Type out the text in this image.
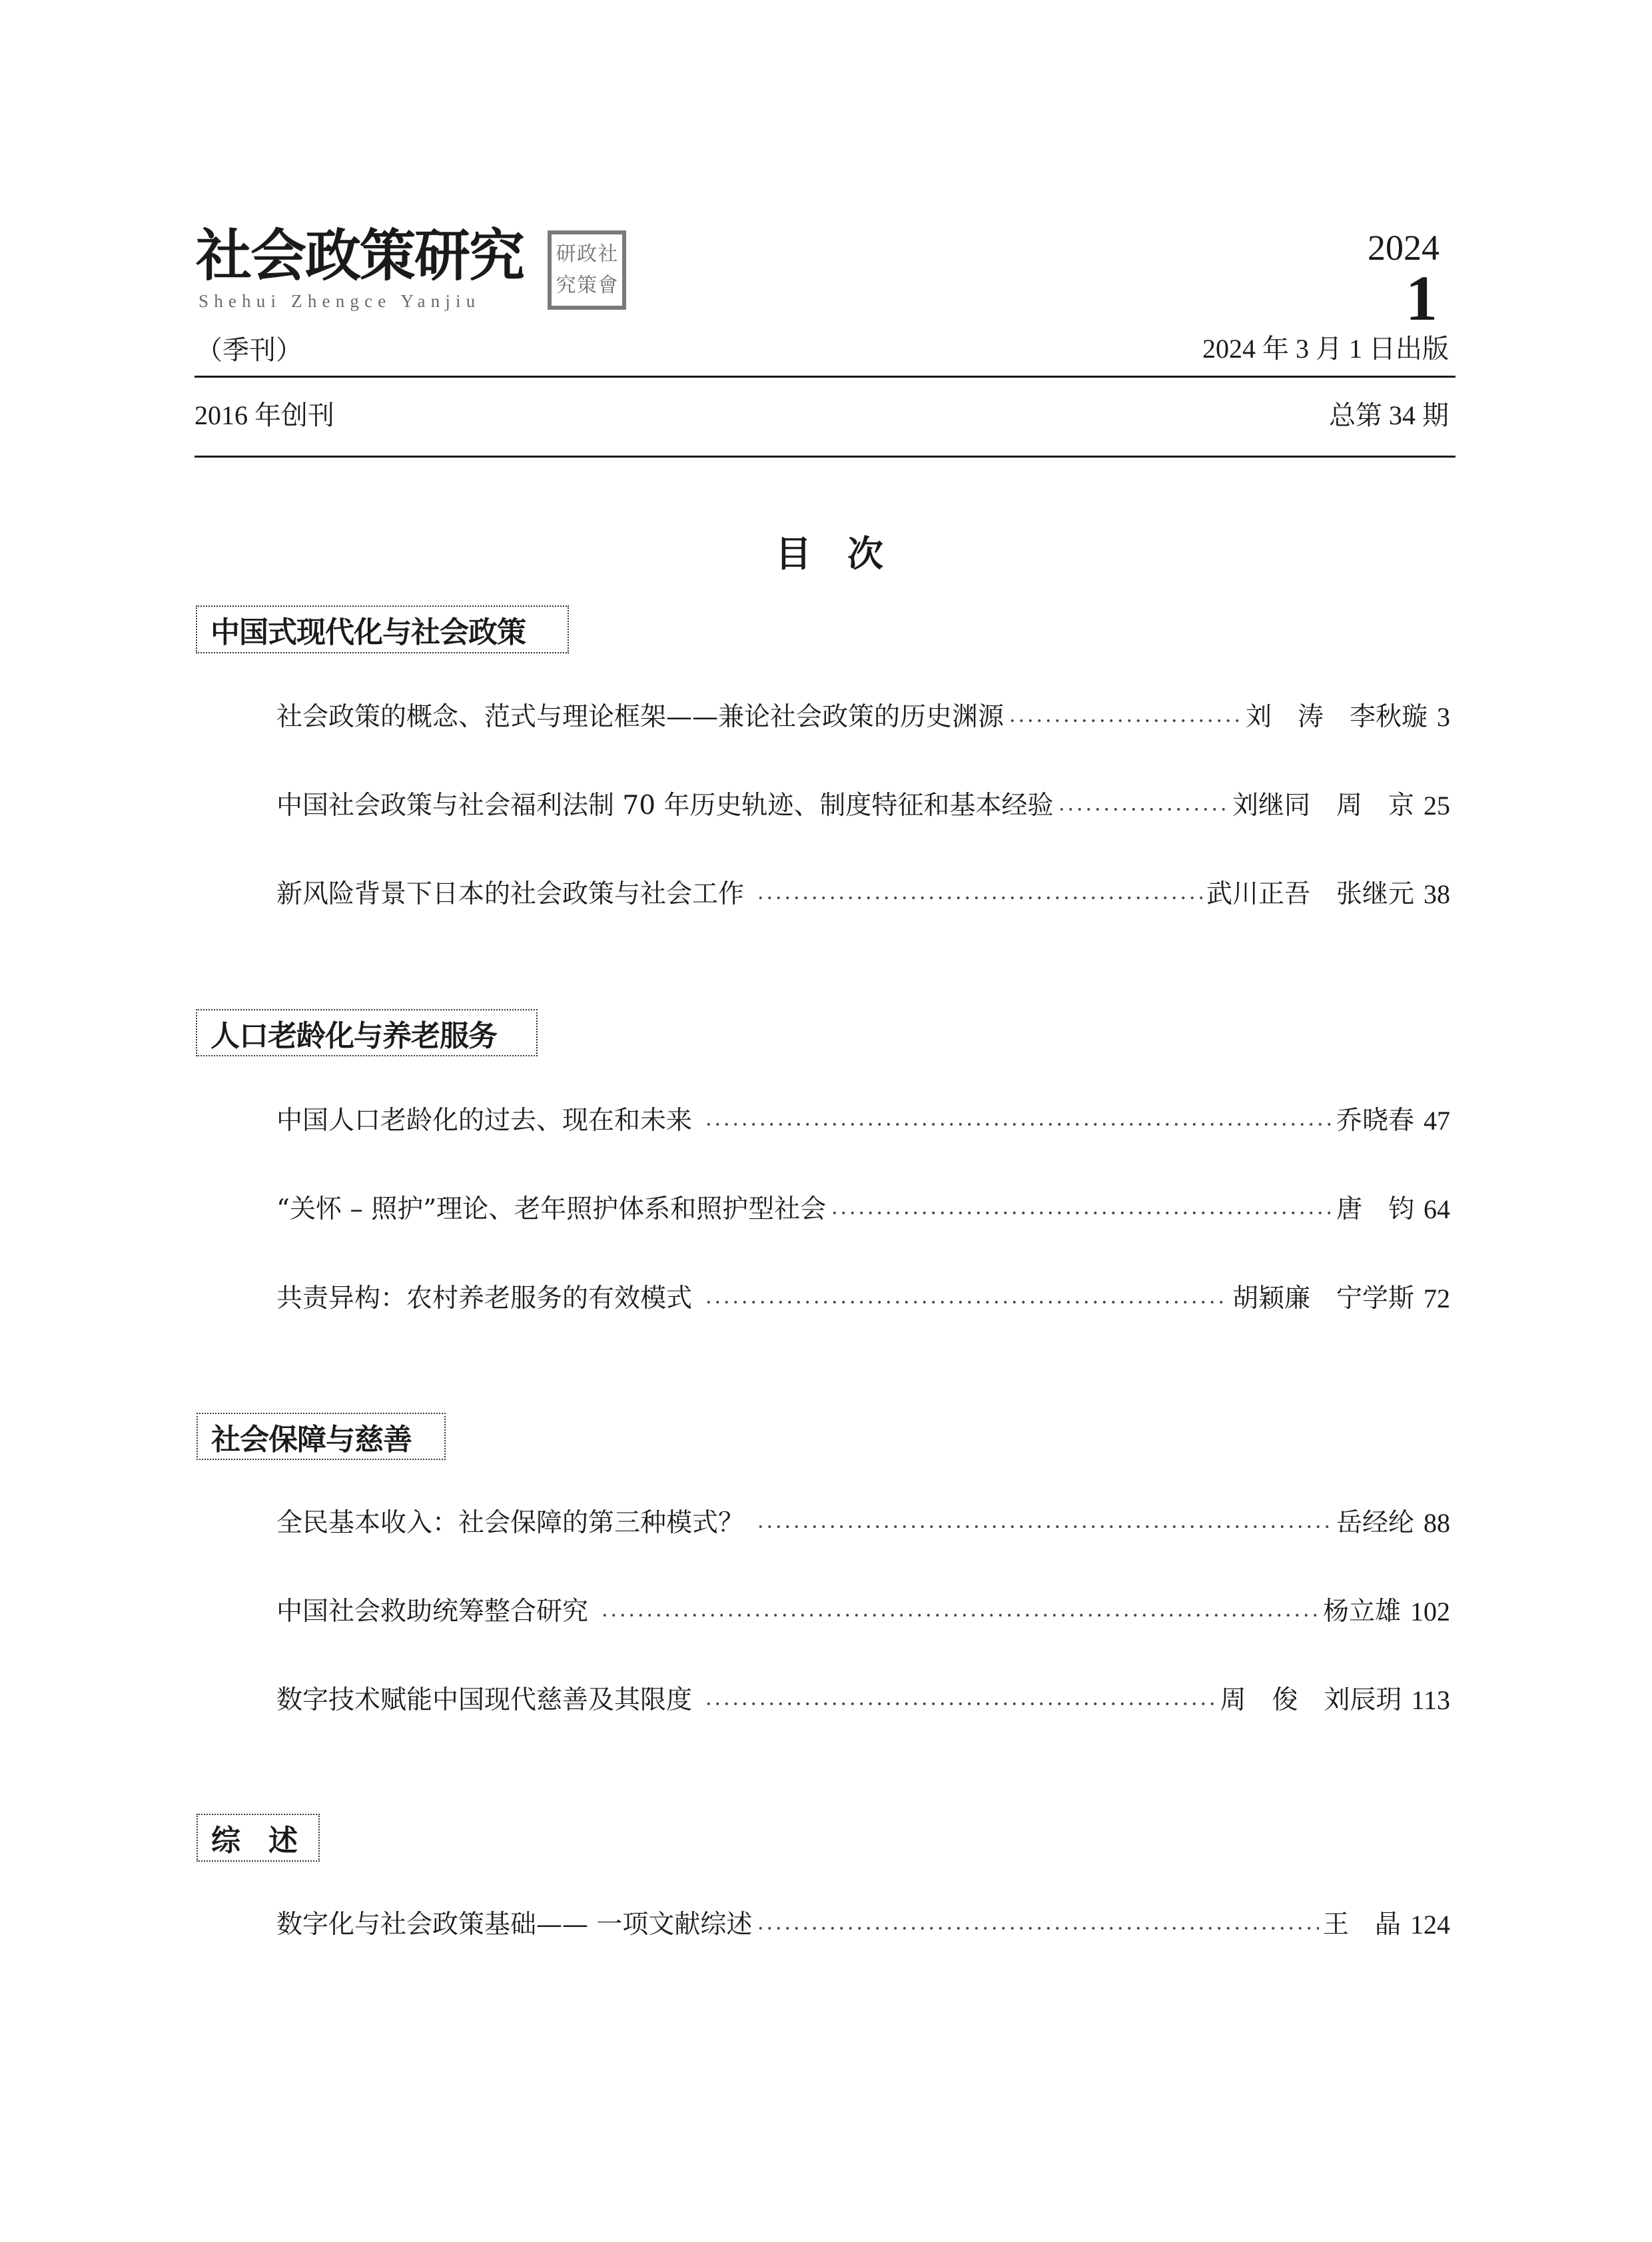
社会政策研究
Shehui Zhengce Yanjiu
社
政
研
會
策
究
（季刊）
2024
1
2024 年 3 月 1 日出版
2016 年创刊	总第 34 期
目　次
中国式现代化与社会政策
社会政策的概念、范式与理论框架——兼论社会政策的历史渊源	刘　涛　李秋璇 3
中国社会政策与社会福利法制 70 年历史轨迹、制度特征和基本经验	刘继同　周　京 25
新风险背景下日本的社会政策与社会工作	武川正吾　张继元 38
人口老龄化与养老服务
中国人口老龄化的过去、现在和未来	乔晓春 47
“关怀 – 照护”理论、老年照护体系和照护型社会	唐　钧 64
共责异构：农村养老服务的有效模式	胡颖廉　宁学斯 72
社会保障与慈善
全民基本收入：社会保障的第三种模式？	岳经纶 88
中国社会救助统筹整合研究	杨立雄 102
数字技术赋能中国现代慈善及其限度	周　俊　刘辰玥 113
综　述
数字化与社会政策基础—— 一项文献综述	王　晶 124
